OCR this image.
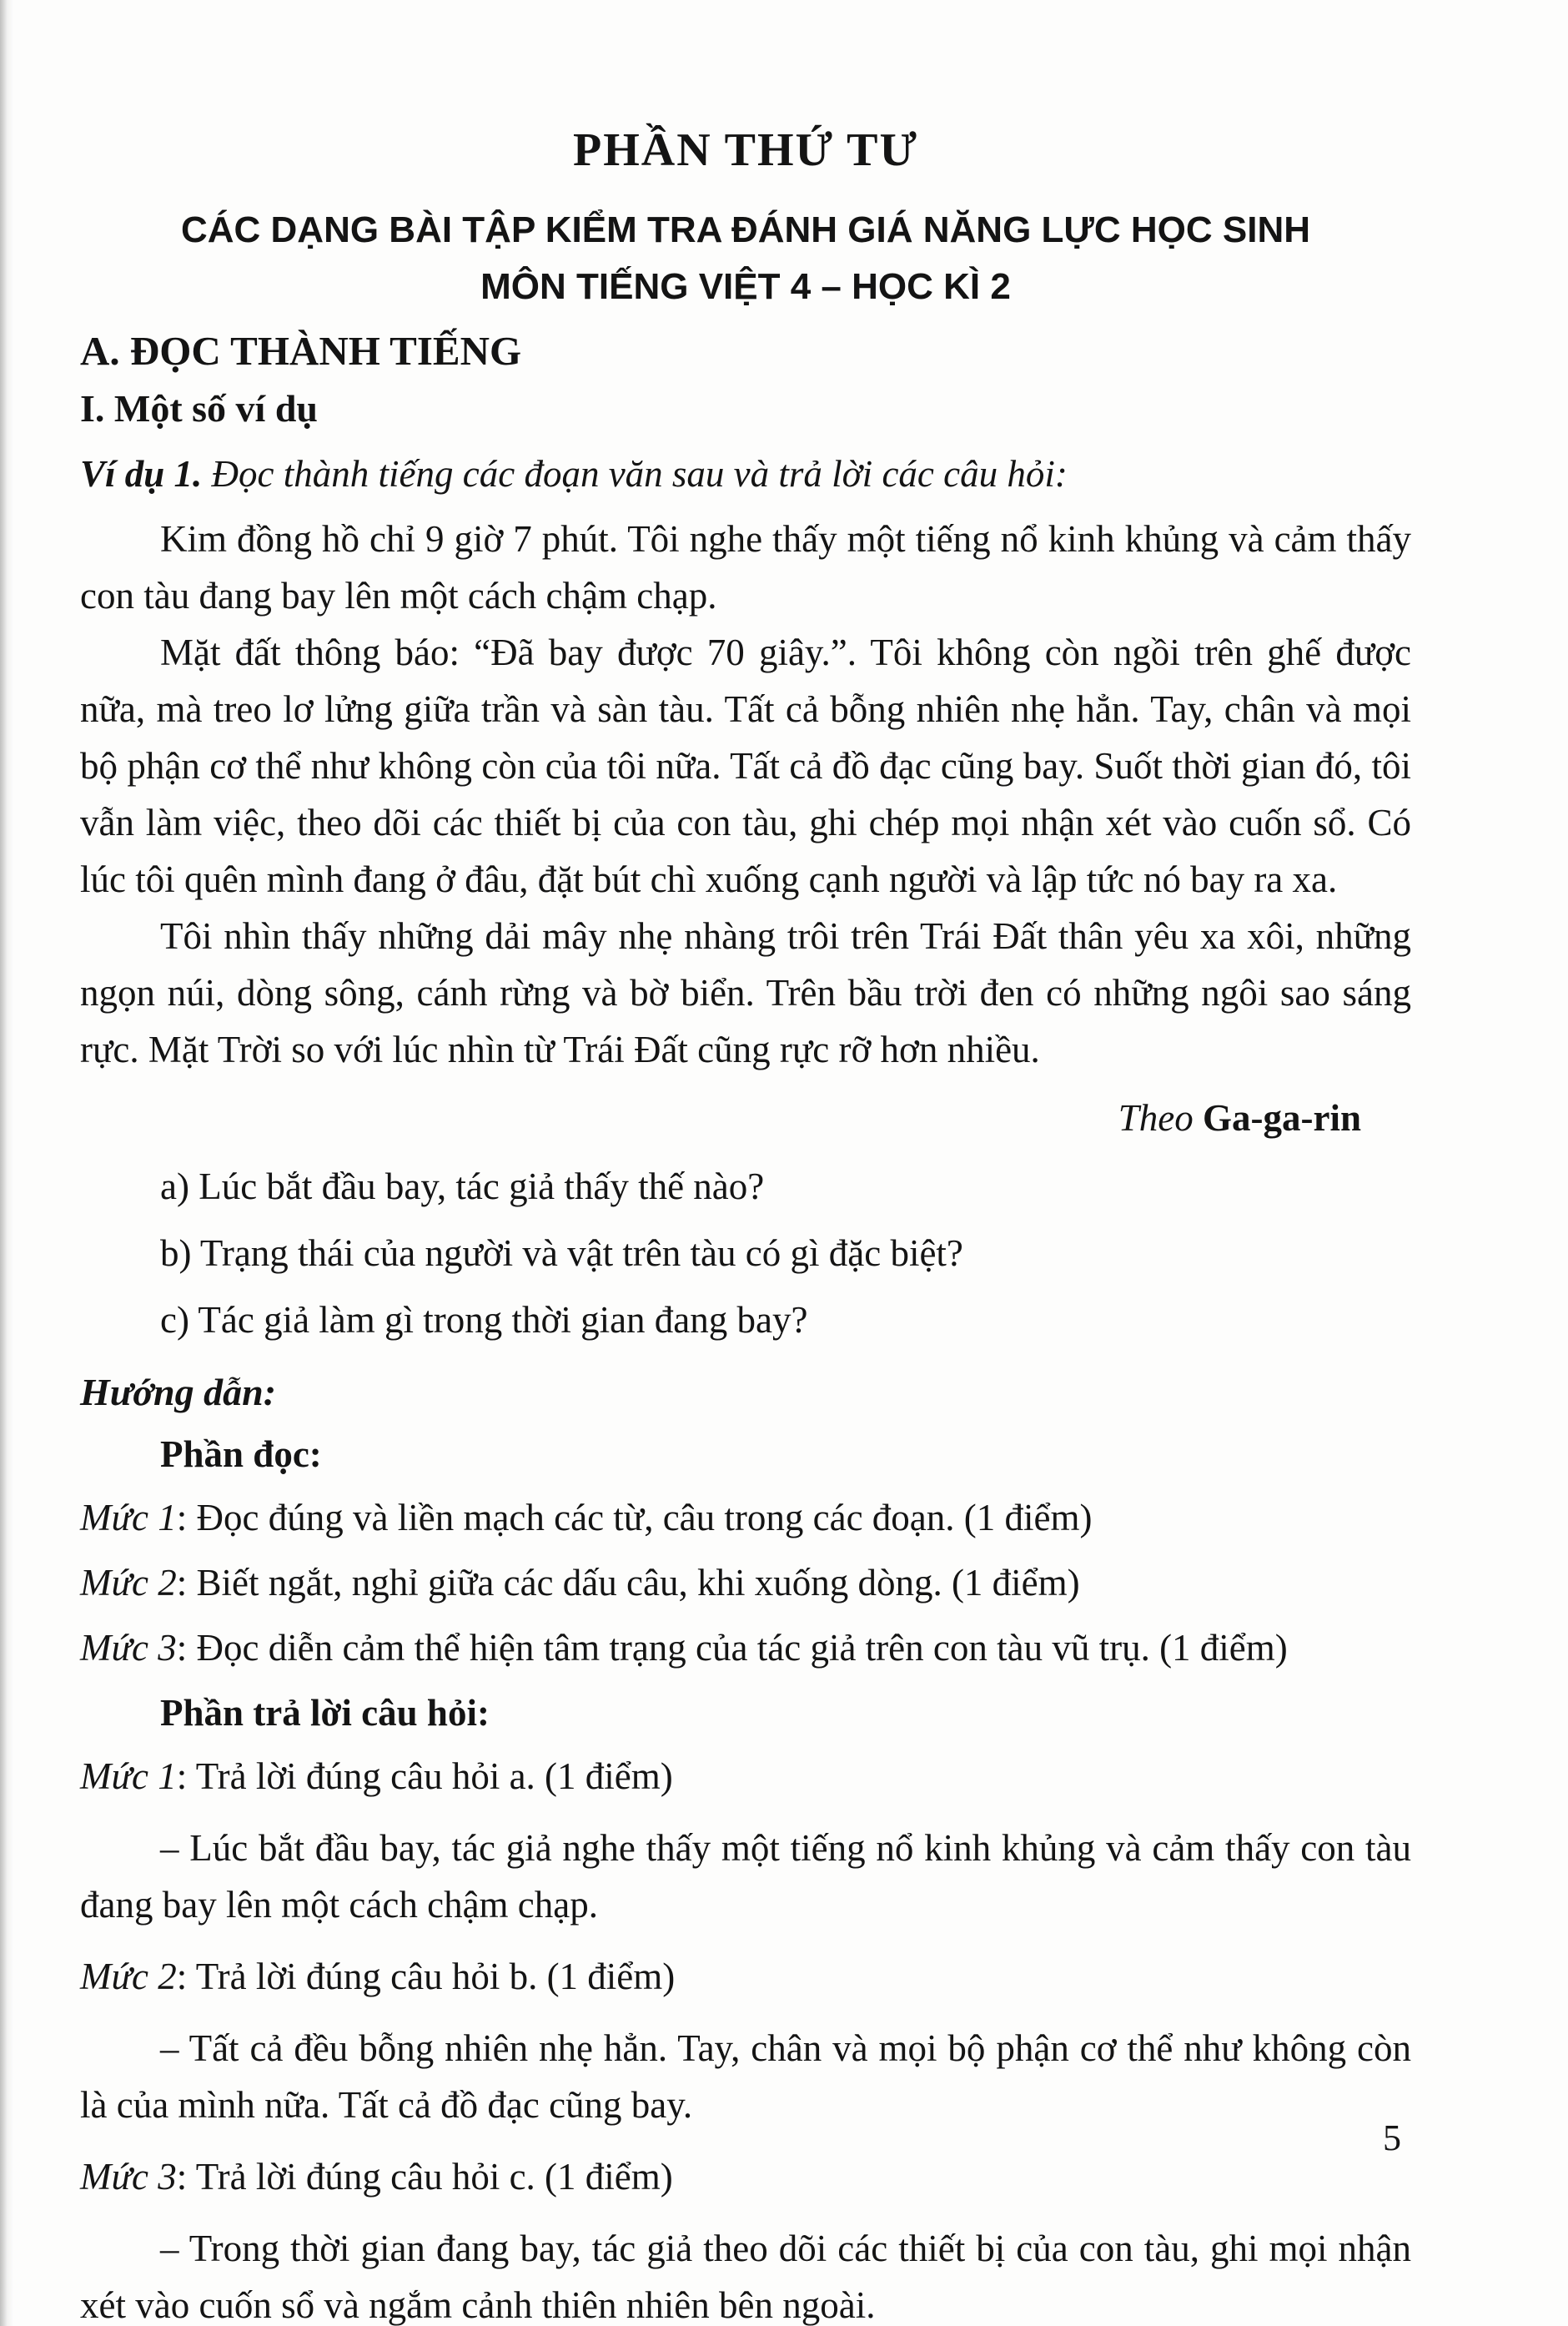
PHẦN THỨ TƯ
CÁC DẠNG BÀI TẬP KIỂM TRA ĐÁNH GIÁ NĂNG LỰC HỌC SINH
MÔN TIẾNG VIỆT 4 – HỌC KÌ 2
A. ĐỌC THÀNH TIẾNG
I. Một số ví dụ

Ví dụ 1. Đọc thành tiếng các đoạn văn sau và trả lời các câu hỏi:

Kim đồng hồ chỉ 9 giờ 7 phút. Tôi nghe thấy một tiếng nổ kinh khủng và cảm thấy con tàu đang bay lên một cách chậm chạp.

Mặt đất thông báo: “Đã bay được 70 giây.”. Tôi không còn ngồi trên ghế được nữa, mà treo lơ lửng giữa trần và sàn tàu. Tất cả bỗng nhiên nhẹ hẳn. Tay, chân và mọi bộ phận cơ thể như không còn của tôi nữa. Tất cả đồ đạc cũng bay. Suốt thời gian đó, tôi vẫn làm việc, theo dõi các thiết bị của con tàu, ghi chép mọi nhận xét vào cuốn sổ. Có lúc tôi quên mình đang ở đâu, đặt bút chì xuống cạnh người và lập tức nó bay ra xa.

Tôi nhìn thấy những dải mây nhẹ nhàng trôi trên Trái Đất thân yêu xa xôi, những ngọn núi, dòng sông, cánh rừng và bờ biển. Trên bầu trời đen có những ngôi sao sáng rực. Mặt Trời so với lúc nhìn từ Trái Đất cũng rực rỡ hơn nhiều.

Theo Ga-ga-rin

a) Lúc bắt đầu bay, tác giả thấy thế nào?

b) Trạng thái của người và vật trên tàu có gì đặc biệt?

c) Tác giả làm gì trong thời gian đang bay?

Hướng dẫn:

Phần đọc:

Mức 1: Đọc đúng và liền mạch các từ, câu trong các đoạn. (1 điểm)

Mức 2: Biết ngắt, nghỉ giữa các dấu câu, khi xuống dòng. (1 điểm)

Mức 3: Đọc diễn cảm thể hiện tâm trạng của tác giả trên con tàu vũ trụ. (1 điểm)

Phần trả lời câu hỏi:

Mức 1: Trả lời đúng câu hỏi a. (1 điểm)

– Lúc bắt đầu bay, tác giả nghe thấy một tiếng nổ kinh khủng và cảm thấy con tàu đang bay lên một cách chậm chạp.

Mức 2: Trả lời đúng câu hỏi b. (1 điểm)

– Tất cả đều bỗng nhiên nhẹ hẳn. Tay, chân và mọi bộ phận cơ thể như không còn là của mình nữa. Tất cả đồ đạc cũng bay.

Mức 3: Trả lời đúng câu hỏi c. (1 điểm)

– Trong thời gian đang bay, tác giả theo dõi các thiết bị của con tàu, ghi mọi nhận xét vào cuốn sổ và ngắm cảnh thiên nhiên bên ngoài.

5
